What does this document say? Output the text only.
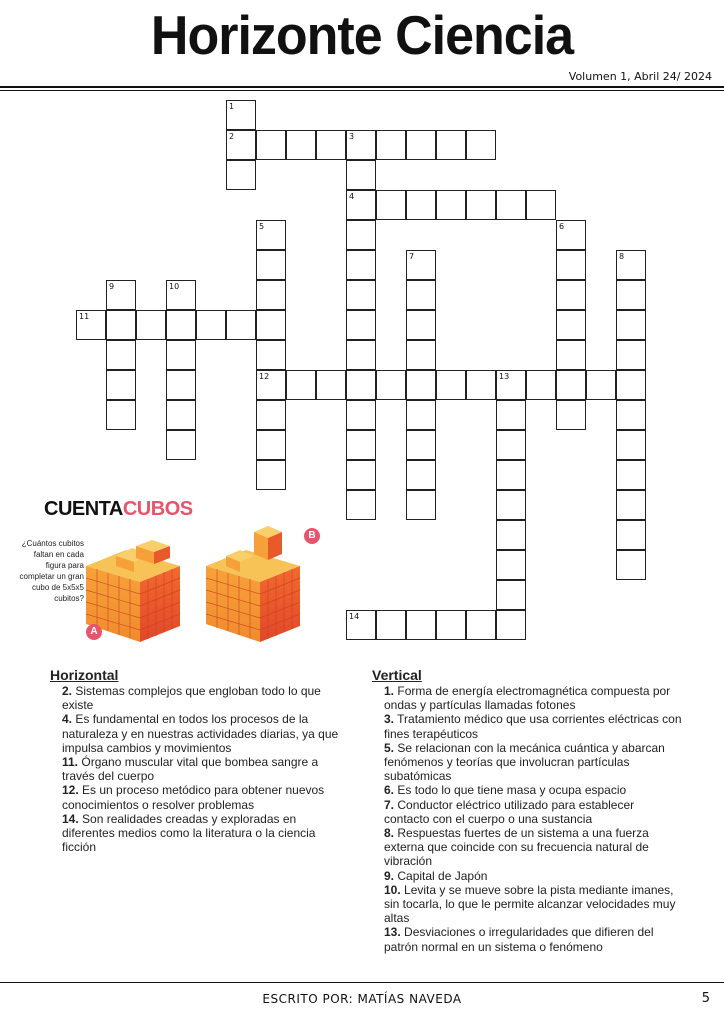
Horizonte Ciencia
Volumen 1, Abril 24/ 2024
1
2	3
4
5	6
7	8
9	10
11
12	13
14
CUENTACUBOS
¿Cuántos cubitos faltan en cada figura para completar un gran cubo de 5x5x5 cubitos?
A
B
Horizontal
2. Sistemas complejos que engloban todo lo que existe
4. Es fundamental en todos los procesos de la naturaleza y en nuestras actividades diarias, ya que impulsa cambios y movimientos
11. Órgano muscular vital que bombea sangre a través del cuerpo
12. Es un proceso metódico para obtener nuevos conocimientos o resolver problemas
14. Son realidades creadas y exploradas en diferentes medios como la literatura o la ciencia ficción
Vertical
1. Forma de energía electromagnética compuesta por ondas y partículas llamadas fotones
3. Tratamiento médico que usa corrientes eléctricas con fines terapéuticos
5. Se relacionan con la mecánica cuántica y abarcan fenómenos y teorías que involucran partículas subatómicas
6. Es todo lo que tiene masa y ocupa espacio
7. Conductor eléctrico utilizado para establecer contacto con el cuerpo o una sustancia
8. Respuestas fuertes de un sistema a una fuerza externa que coincide con su frecuencia natural de vibración
9. Capital de Japón
10. Levita y se mueve sobre la pista mediante imanes, sin tocarla, lo que le permite alcanzar velocidades muy altas
13. Desviaciones o irregularidades que difieren del patrón normal en un sistema o fenómeno
ESCRITO POR: MATÍAS NAVEDA	5
